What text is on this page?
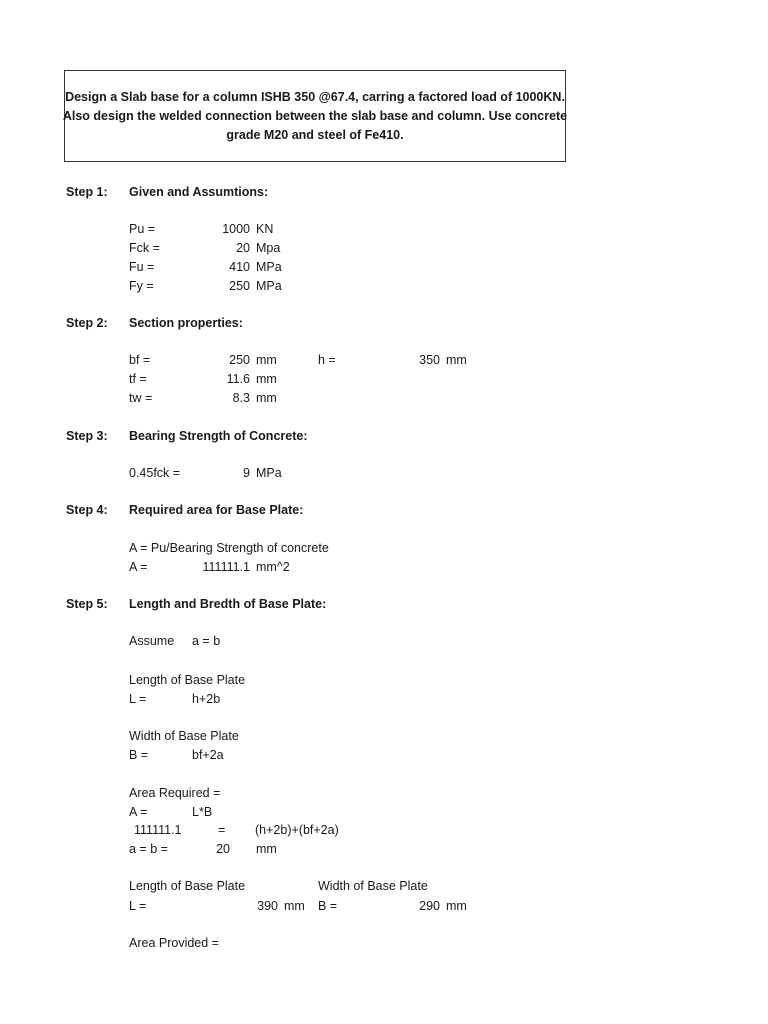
Design a Slab base for a column ISHB 350 @67.4, carring a factored load of 1000KN.
Also design the welded connection between the slab base and column. Use concrete
grade M20 and steel of Fe410.
Step 1: Given and Assumtions:
Pu =	1000 KN
Fck =	20 Mpa
Fu =	410 MPa
Fy =	250 MPa
Step 2: Section properties:
bf =	250 mm	h =	350 mm
tf =	11.6 mm
tw =	8.3 mm
Step 3: Bearing Strength of Concrete:
0.45fck =	9 MPa
Step 4: Required area for Base Plate:
A = Pu/Bearing Strength of concrete
A =	111111.1 mm^2
Step 5: Length and Bredth of Base Plate:
Assume a = b
Length of Base Plate
L =	h+2b
Width of Base Plate
B =	bf+2a
Area Required =
A =	L*B
111111.1	= (h+2b)+(bf+2a)
a = b =	20 mm
Length of Base Plate	Width of Base Plate
L =	390 mm B =	290 mm
Area Provided =
